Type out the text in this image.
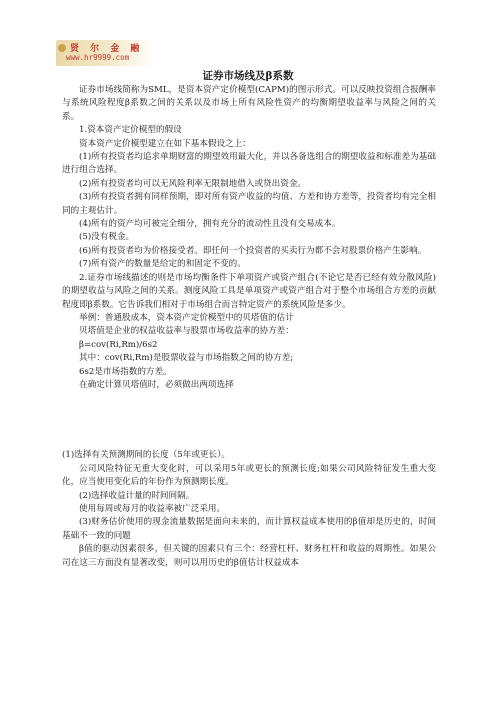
贤 尔 金 融
www.hr9999.com
证券市场线及β系数

证券市场线简称为SML，是资本资产定价模型(CAPM)的图示形式。可以反映投资组合报酬率与系统风险程度β系数之间的关系以及市场上所有风险性资产的均衡期望收益率与风险之间的关系。

1.资本资产定价模型的假设

资本资产定价模型建立在如下基本假设之上：

(1)所有投资者均追求单期财富的期望效用最大化，并以各备选组合的期望收益和标准差为基础进行组合选择。

(2)所有投资者均可以无风险利率无限制地借入或贷出资金。

(3)所有投资者拥有同样预期，即对所有资产收益的均值、方差和协方差等，投资者均有完全相同的主观估计。

(4)所有的资产均可被完全细分，拥有充分的流动性且没有交易成本。

(5)没有税金。

(6)所有投资者均为价格接受者。即任何一个投资者的买卖行为都不会对股票价格产生影响。

(7)所有资产的数量是给定的和固定不变的。

2.证券市场线描述的则是市场均衡条件下单项资产或资产组合(不论它是否已经有效分散风险)的期望收益与风险之间的关系。测度风险工具是单项资产或资产组合对于整个市场组合方差的贡献程度即β系数。它告诉我们相对于市场组合而言特定资产的系统风险是多少。

举例：普通股成本，资本资产定价模型中的贝塔值的估计

贝塔值是企业的权益收益率与股票市场收益率的协方差：

β=cov(Ri,Rm)/6s2

其中：cov(Ri,Rm)是股票收益与市场指数之间的协方差;

6s2是市场指数的方差。

在确定计算贝塔值时，必须做出两项选择

(1)选择有关预测期间的长度（5年或更长）。

公司风险特征无重大变化时，可以采用5年或更长的预测长度;如果公司风险特征发生重大变化，应当使用变化后的年份作为预测期长度。

(2)选择收益计量的时间间隔。

使用每周或每月的收益率被广泛采用。

(3)财务估价使用的现金流量数据是面向未来的，而计算权益成本使用的β值却是历史的，时间基础不一致的问题

β值的驱动因素很多，但关键的因素只有三个：经营杠杆、财务杠杆和收益的周期性。如果公司在这三方面没有显著改变，则可以用历史的β值估计权益成本
